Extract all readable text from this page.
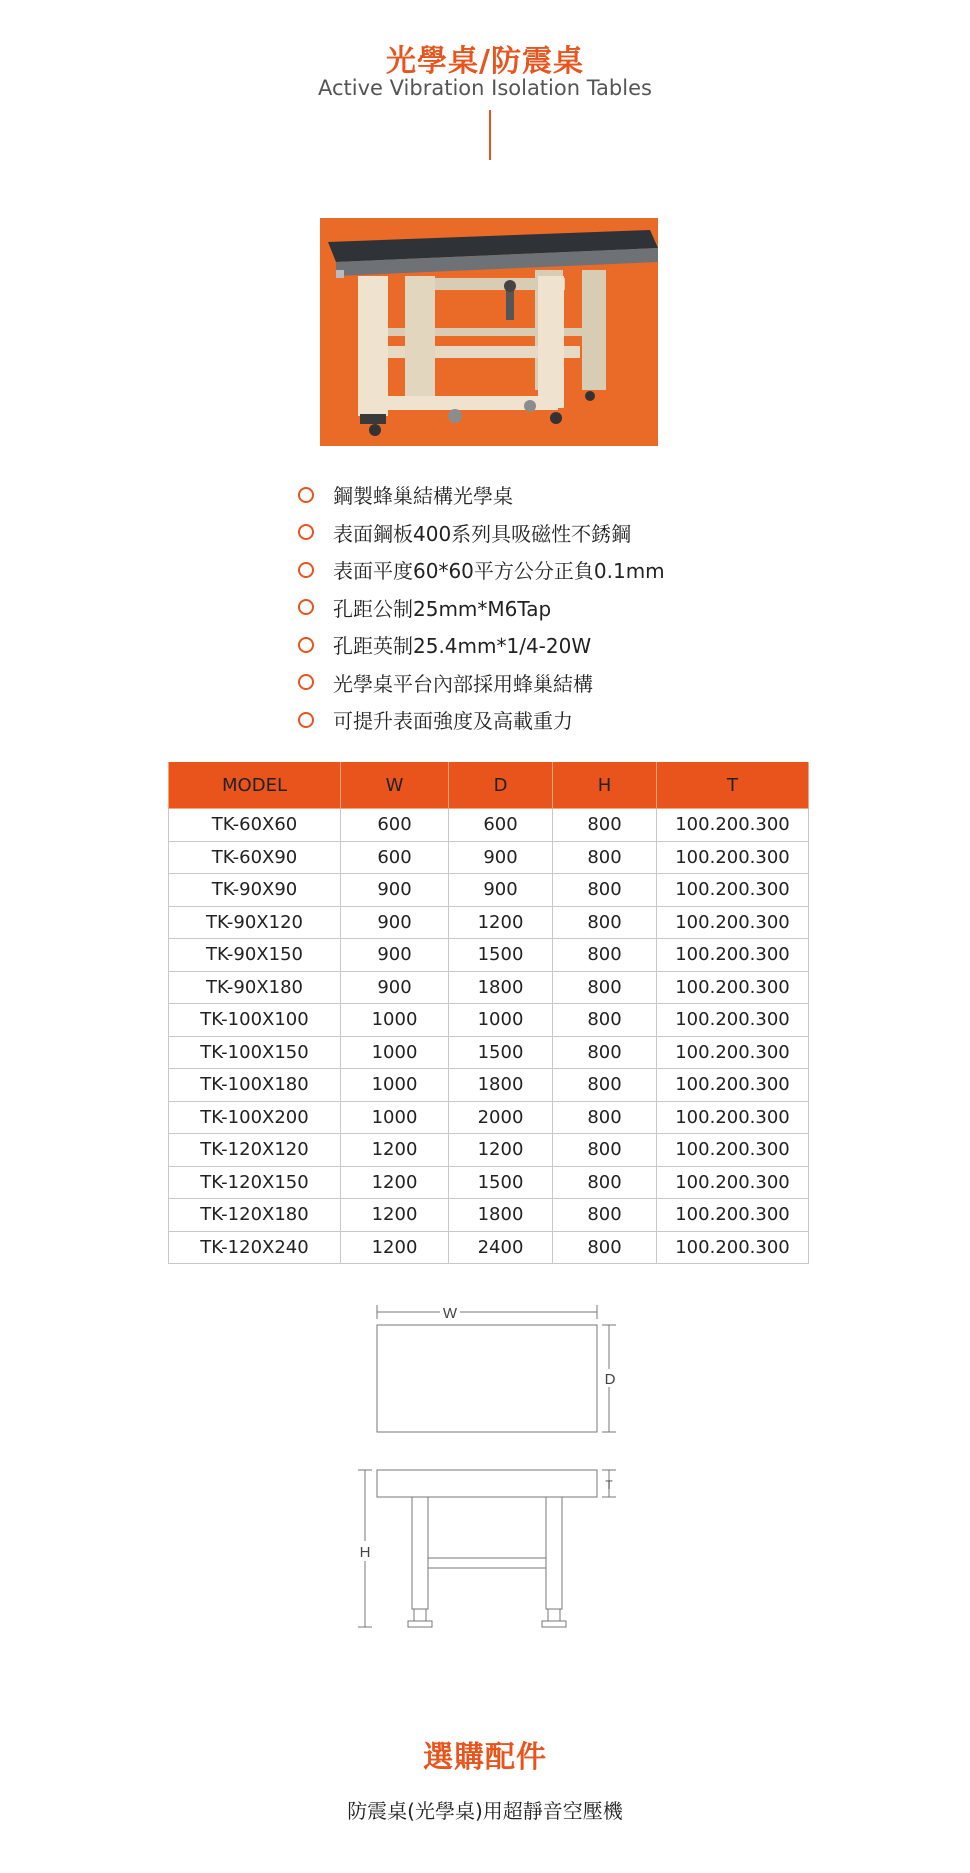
光學桌/防震桌
Active Vibration Isolation Tables
鋼製蜂巢結構光學桌
表面鋼板400系列具吸磁性不銹鋼
表面平度60*60平方公分正負0.1mm
孔距公制25mm*M6Tap
孔距英制25.4mm*1/4-20W
光學桌平台內部採用蜂巢結構
可提升表面強度及高載重力
MODEL	W	D	H	T
TK-60X60	600	600	800	100.200.300
TK-60X90	600	900	800	100.200.300
TK-90X90	900	900	800	100.200.300
TK-90X120	900	1200	800	100.200.300
TK-90X150	900	1500	800	100.200.300
TK-90X180	900	1800	800	100.200.300
TK-100X100	1000	1000	800	100.200.300
TK-100X150	1000	1500	800	100.200.300
TK-100X180	1000	1800	800	100.200.300
TK-100X200	1000	2000	800	100.200.300
TK-120X120	1200	1200	800	100.200.300
TK-120X150	1200	1500	800	100.200.300
TK-120X180	1200	1800	800	100.200.300
TK-120X240	1200	2400	800	100.200.300
W
D
T
H
選購配件
防震桌(光學桌)用超靜音空壓機
